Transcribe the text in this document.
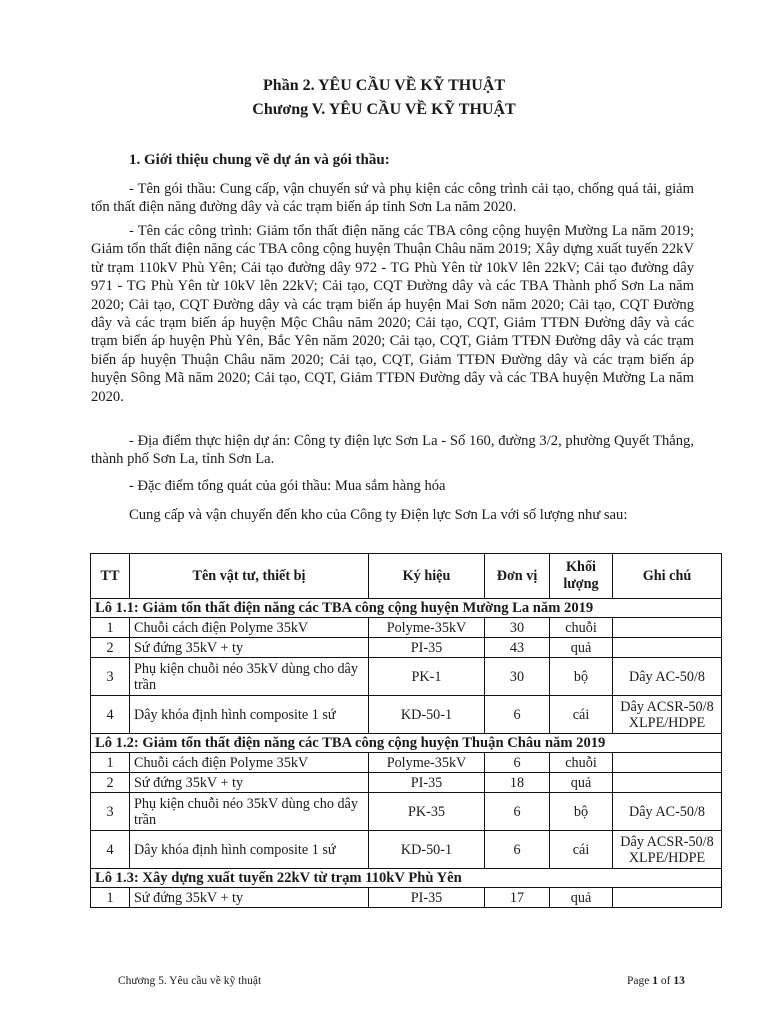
Phần 2. YÊU CẦU VỀ KỸ THUẬT
Chương V. YÊU CẦU VỀ KỸ THUẬT
1. Giới thiệu chung về dự án và gói thầu:
- Tên gói thầu: Cung cấp, vận chuyển sứ và phụ kiện các công trình cải tạo, chống quá tải, giảm tổn thất điện năng đường dây và các trạm biến áp tỉnh Sơn La năm 2020.
- Tên các công trình: Giảm tổn thất điện năng các TBA công cộng huyện Mường La năm 2019; Giảm tổn thất điện năng các TBA công cộng huyện Thuận Châu năm 2019; Xây dựng xuất tuyến 22kV từ trạm 110kV Phù Yên; Cải tạo đường dây 972 - TG Phù Yên từ 10kV lên 22kV; Cải tạo đường dây 971 - TG Phù Yên từ 10kV lên 22kV; Cải tạo, CQT Đường dây và các TBA Thành phố Sơn La năm 2020; Cải tạo, CQT Đường dây và các trạm biến áp huyện Mai Sơn năm 2020; Cải tạo, CQT Đường dây và các trạm biến áp huyện Mộc Châu năm 2020; Cải tạo, CQT, Giảm TTĐN Đường dây và các trạm biến áp huyện Phù Yên, Bắc Yên năm 2020; Cải tạo, CQT, Giảm TTĐN Đường dây và các trạm biến áp huyện Thuận Châu năm 2020; Cải tạo, CQT, Giảm TTĐN Đường dây và các trạm biến áp huyện Sông Mã năm 2020; Cải tạo, CQT, Giảm TTĐN Đường dây và các TBA huyện Mường La năm 2020.
- Địa điểm thực hiện dự án: Công ty điện lực Sơn La - Số 160, đường 3/2, phường Quyết Thắng, thành phố Sơn La, tỉnh Sơn La.
- Đặc điểm tổng quát của gói thầu: Mua sắm hàng hóa
Cung cấp và vận chuyển đến kho của Công ty Điện lực Sơn La với số lượng như sau:
TT	Tên vật tư, thiết bị	Ký hiệu	Đơn vị	Khối lượng	Ghi chú
Lô 1.1: Giảm tổn thất điện năng các TBA công cộng huyện Mường La năm 2019					
1	Chuỗi cách điện Polyme 35kV	Polyme-35kV	30	chuỗi	
2	Sứ đứng 35kV + ty	PI-35	43	quả	
3	Phụ kiện chuỗi néo 35kV dùng cho dây trần	PK-1	30	bộ	Dây AC-50/8
4	Dây khóa định hình composite 1 sứ	KD-50-1	6	cái	Dây ACSR-50/8 XLPE/HDPE
Lô 1.2: Giảm tổn thất điện năng các TBA công cộng huyện Thuận Châu năm 2019					
1	Chuỗi cách điện Polyme 35kV	Polyme-35kV	6	chuỗi	
2	Sứ đứng 35kV + ty	PI-35	18	quả	
3	Phụ kiện chuỗi néo 35kV dùng cho dây trần	PK-35	6	bộ	Dây AC-50/8
4	Dây khóa định hình composite 1 sứ	KD-50-1	6	cái	Dây ACSR-50/8 XLPE/HDPE
Lô 1.3: Xây dựng xuất tuyến 22kV từ trạm 110kV Phù Yên					
1	Sứ đứng 35kV + ty	PI-35	17	quả	
Chương 5. Yêu cầu về kỹ thuật	Page 1 of 13
